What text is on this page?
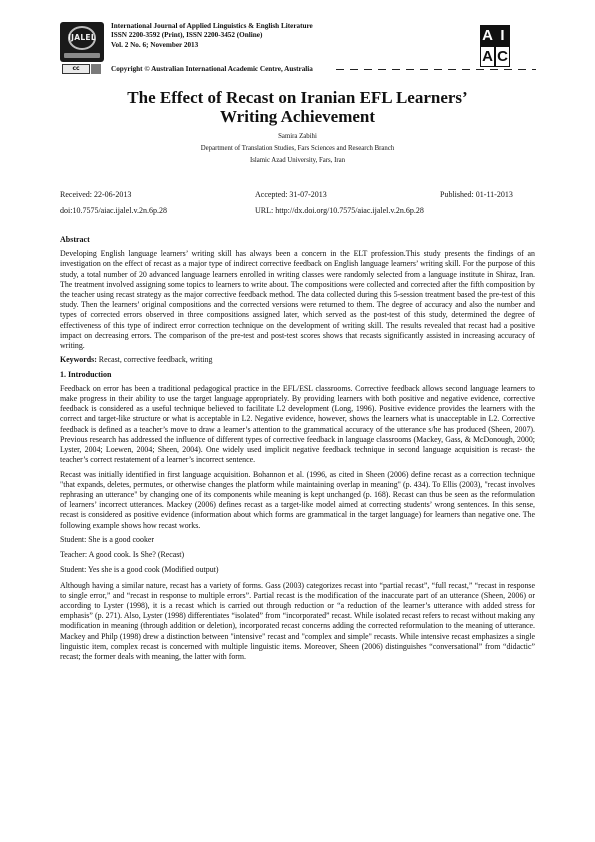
IJALEL
International Journal of Applied Linguistics & English Literature
ISSN 2200-3592 (Print), ISSN 2200-3452 (Online)
Vol. 2 No. 6; November 2013
cc	Copyright © Australian International Academic Centre, Australia
A I
A C
The Effect of Recast on Iranian EFL Learners’
Writing Achievement
Samira Zabihi
Department of Translation Studies, Fars Sciences and Research Branch
Islamic Azad University, Fars, Iran
Received: 22-06-2013	Accepted: 31-07-2013	Published: 01-11-2013
doi:10.7575/aiac.ijalel.v.2n.6p.28	URL: http://dx.doi.org/10.7575/aiac.ijalel.v.2n.6p.28
Abstract

Developing English language learners’ writing skill has always been a concern in the ELT profession.This study presents the findings of an investigation on the effect of recast as a major type of indirect corrective feedback on English language learners’ writing skill. For the purpose of this study, a total number of 20 advanced language learners enrolled in writing classes were randomly selected from a language institute in Shiraz, Iran. The treatment involved assigning some topics to learners to write about. The compositions were collected and corrected after the fifth composition by the teacher using recast strategy as the major corrective feedback method. The data collected during this 5-session treatment based the pre-test of this study. Then the learners’ original compositions and the corrected versions were returned to them. The degree of accuracy and also the number and types of corrected errors observed in three compositions assigned later, which served as the post-test of this study, determined the degree of effectiveness of this type of indirect error correction technique on the development of writing skill. The results revealed that recast had a positive impact on decreasing errors. The comparison of the pre-test and post-test scores shows that recasts significantly assisted in increasing accuracy of writing.

Keywords: Recast, corrective feedback, writing
1. Introduction

Feedback on error has been a traditional pedagogical practice in the EFL/ESL classrooms. Corrective feedback allows second language learners to make progress in their ability to use the target language appropriately. By providing learners with both positive and negative evidence, corrective feedback is considered as a useful technique believed to facilitate L2 development (Long, 1996). Positive evidence provides the learners with the correct and target-like structure or what is acceptable in L2. Negative evidence, however, shows the learners what is unacceptable in L2. Corrective feedback is defined as a teacher’s move to draw a learner’s attention to the grammatical accuracy of the utterance s/he has produced (Sheen, 2007). Previous research has addressed the influence of different types of corrective feedback in language classrooms (Mackey, Gass, & McDonough, 2000; Lyster, 2004; Loewen, 2004; Sheen, 2004). One widely used implicit negative feedback technique in second language acquisition is recast- the teacher’s correct restatement of a learner’s incorrect sentence.

Recast was initially identified in first language acquisition. Bohannon et al. (1996, as cited in Sheen (2006) define recast as a correction technique "that expands, deletes, permutes, or otherwise changes the platform while maintaining overlap in meaning" (p. 434). To Ellis (2003), "recast involves rephrasing an utterance" by changing one of its components while meaning is kept unchanged (p. 168). Recast can thus be seen as the reformulation of learners’ incorrect utterances. Mackey (2006) defines recast as a target-like model aimed at correcting students’ wrong sentences. In this sense, recast is considered as positive evidence (information about which forms are grammatical in the target language) for learners than negative one. The following example shows how recast works.

Student: She is a good cooker
Teacher: A good cook. Is She? (Recast)
Student: Yes she is a good cook (Modified output)

Although having a similar nature, recast has a variety of forms. Gass (2003) categorizes recast into “partial recast”, “full recast,” “recast in response to single error,” and “recast in response to multiple errors”. Partial recast is the modification of the inaccurate part of an utterance (Sheen, 2006) or according to Lyster (1998), it is a recast which is carried out through reduction or “a reduction of the learner’s utterance with added stress for emphasis” (p. 271). Also, Lyster (1998) differentiates “isolated” from “incorporated” recast. While isolated recast refers to recast without making any modification in meaning (through addition or deletion), incorporated recast concerns adding the corrected reformulation to the meaning of utterance. Mackey and Philp (1998) drew a distinction between "intensive" recast and "complex and simple" recasts. While intensive recast emphasizes a single linguistic item, complex recast is concerned with multiple linguistic items. Moreover, Sheen (2006) distinguishes “conversational” from “didactic” recast; the former deals with meaning, the latter with form.
